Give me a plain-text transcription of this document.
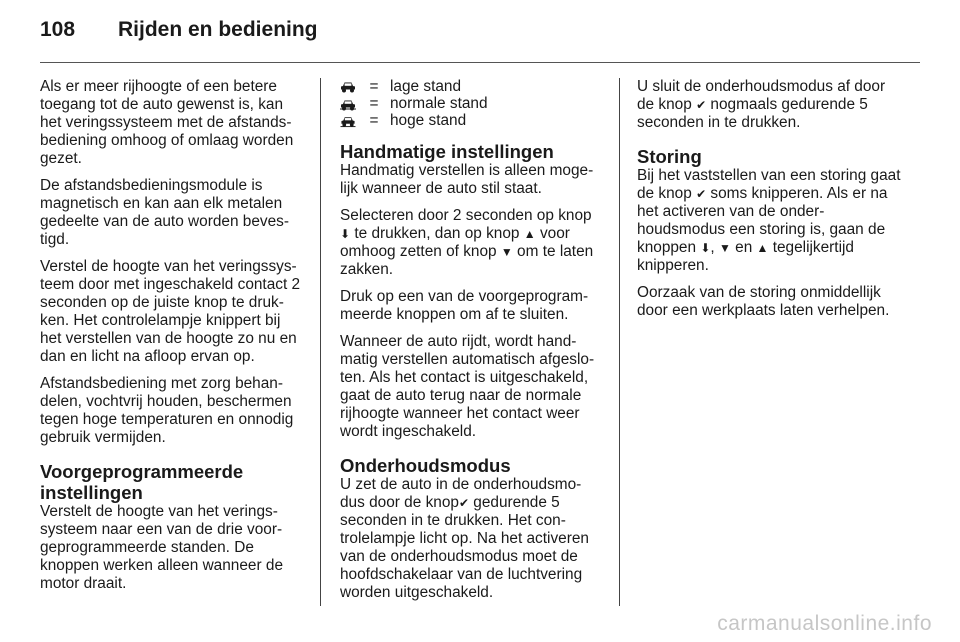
108 Rijden en bediening

Als er meer rijhoogte of een betere toegang tot de auto gewenst is, kan het veringssysteem met de afstands-bediening omhoog of omlaag worden gezet.

De afstandsbedieningsmodule is magnetisch en kan aan elk metalen gedeelte van de auto worden beves-tigd.

Verstel de hoogte van het veringssys-teem door met ingeschakeld contact 2 seconden op de juiste knop te druk-ken. Het controlelampje knippert bij het verstellen van de hoogte zo nu en dan en licht na afloop ervan op.

Afstandsbediening met zorg behan-delen, vochtvrij houden, beschermen tegen hoge temperaturen en onnodig gebruik vermijden.

Voorgeprogrammeerde instellingen

Verstelt de hoogte van het verings-systeem naar een van de drie voor-geprogrammeerde standen. De knoppen werken alleen wanneer de motor draait.

= lage stand
= normale stand
= hoge stand
Handmatige instellingen

Handmatig verstellen is alleen moge-lijk wanneer de auto stil staat.

Selecteren door 2 seconden op knop
⬇ te drukken, dan op knop ▲ voor omhoog zetten of knop ▼ om te laten zakken.

Druk op een van de voorgeprogram-meerde knoppen om af te sluiten.

Wanneer de auto rijdt, wordt hand-matig verstellen automatisch afgeslo-ten. Als het contact is uitgeschakeld, gaat de auto terug naar de normale rijhoogte wanneer het contact weer wordt ingeschakeld.

Onderhoudsmodus

U zet de auto in de onderhoudsmo-dus door de knop✔ gedurende 5 seconden in te drukken. Het con-trolelampje licht op. Na het activeren van de onderhoudsmodus moet de hoofdschakelaar van de luchtvering worden uitgeschakeld.

U sluit de onderhoudsmodus af door de knop ✔ nogmaals gedurende 5 seconden in te drukken.

Storing

Bij het vaststellen van een storing gaat de knop ✔ soms knipperen. Als er na het activeren van de onder-houdsmodus een storing is, gaan de knoppen ⬇, ▼ en ▲ tegelijkertijd knipperen.

Oorzaak van de storing onmiddellijk door een werkplaats laten verhelpen.

carmanualsonline.info
